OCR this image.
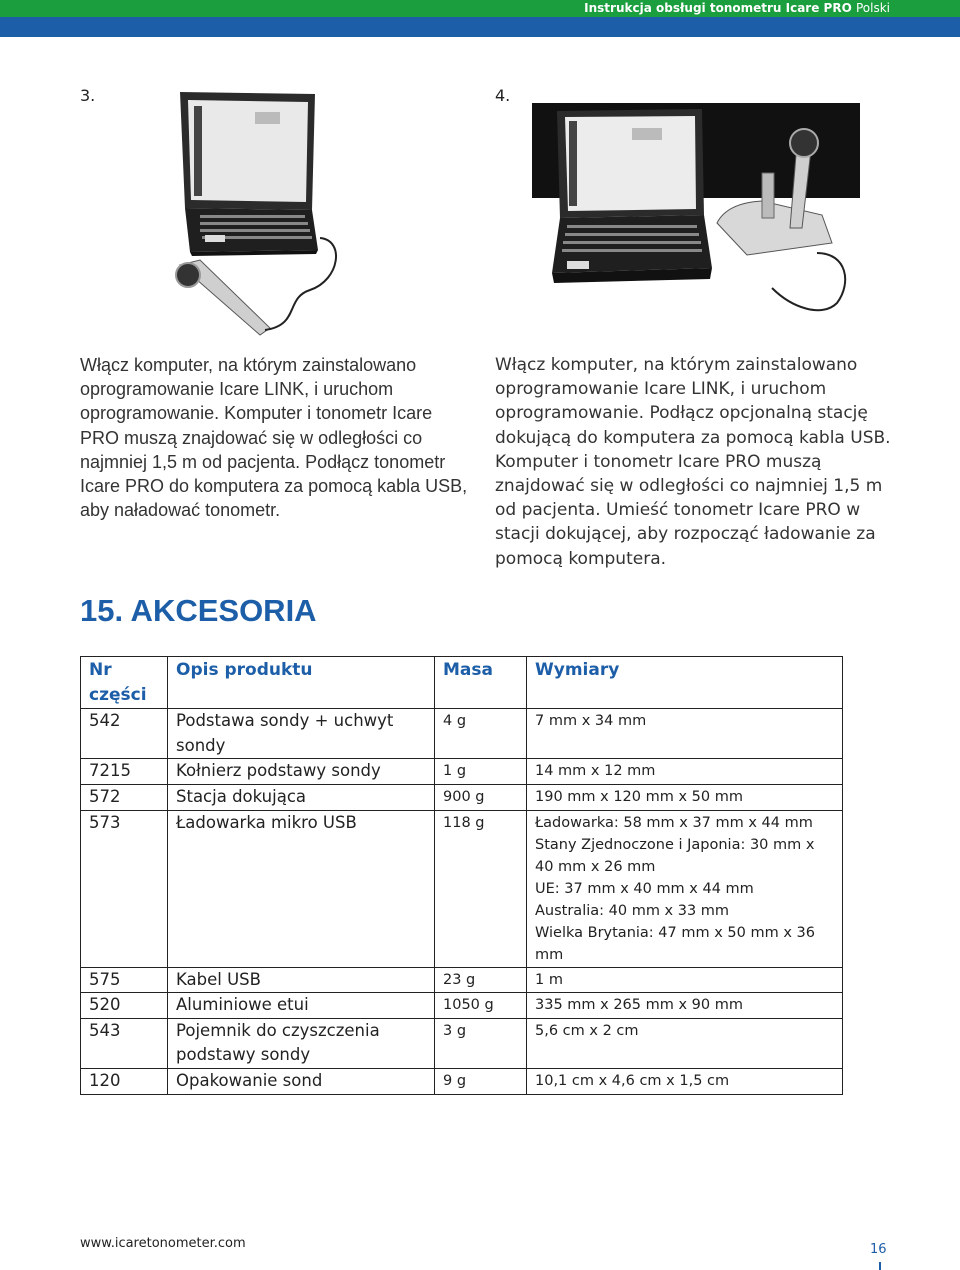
Instrukcja obsługi tonometru Icare PRO Polski
3.
Włącz komputer, na którym zainstalowano oprogramowanie Icare LINK, i uruchom oprogramowanie. Komputer i tonometr Icare PRO muszą znajdować się w odległości co najmniej 1,5 m od pacjenta. Podłącz tonometr Icare PRO do komputera za pomocą kabla USB, aby naładować tonometr.
4.
Włącz komputer, na którym zainstalowano oprogramowanie Icare LINK, i uruchom oprogramowanie. Podłącz opcjonalną stację dokującą do komputera za pomocą kabla USB. Komputer i tonometr Icare PRO muszą znajdować się w odległości co najmniej 1,5 m od pacjenta. Umieść tonometr Icare PRO w stacji dokującej, aby rozpocząć ładowanie za pomocą komputera.
15. AKCESORIA
Nr części	Opis produktu	Masa	Wymiary
542	Podstawa sondy + uchwyt sondy	4 g	7 mm x 34 mm
7215	Kołnierz podstawy sondy	1 g	14 mm x 12 mm
572	Stacja dokująca	900 g	190 mm x 120 mm x 50 mm
573	Ładowarka mikro USB	118 g	Ładowarka: 58 mm x 37 mm x 44 mm
Stany Zjednoczone i Japonia: 30 mm x 40 mm x 26 mm
UE: 37 mm x 40 mm x 44 mm
Australia: 40 mm x 33 mm
Wielka Brytania: 47 mm x 50 mm x 36 mm
575	Kabel USB	23 g	1 m
520	Aluminiowe etui	1050 g	335 mm x 265 mm x 90 mm
543	Pojemnik do czyszczenia podstawy sondy	3 g	5,6 cm x 2 cm
120	Opakowanie sond	9 g	10,1 cm x 4,6 cm x 1,5 cm
www.icaretonometer.com	16
